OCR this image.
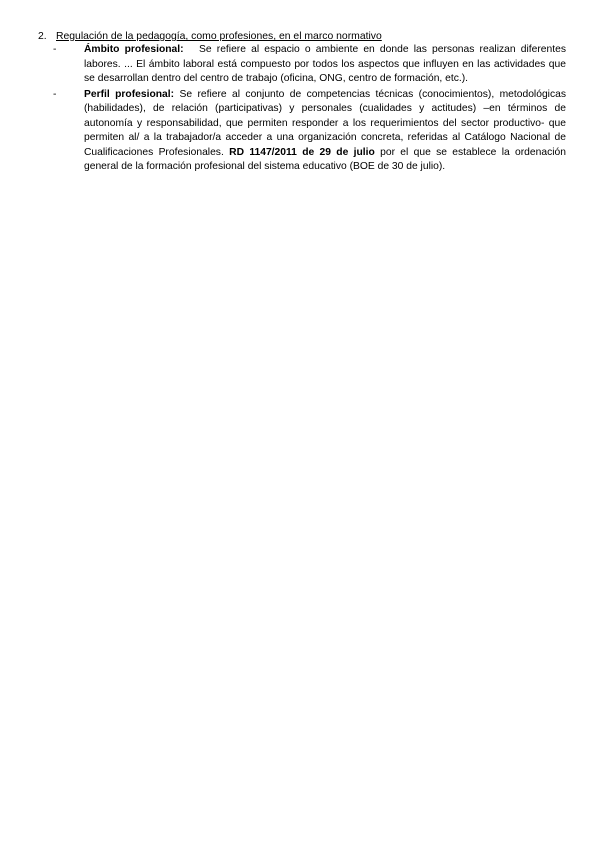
2. Regulación de la pedagogía, como profesiones, en el marco normativo
-	Ámbito profesional: Se refiere al espacio o ambiente en donde las personas realizan diferentes labores. ... El ámbito laboral está compuesto por todos los aspectos que influyen en las actividades que se desarrollan dentro del centro de trabajo (oficina, ONG, centro de formación, etc.).
-	Perfil profesional: Se refiere al conjunto de competencias técnicas (conocimientos), metodológicas (habilidades), de relación (participativas) y personales (cualidades y actitudes) –en términos de autonomía y responsabilidad, que permiten responder a los requerimientos del sector productivo- que permiten al/ a la trabajador/a acceder a una organización concreta, referidas al Catálogo Nacional de Cualificaciones Profesionales. RD 1147/2011 de 29 de julio por el que se establece la ordenación general de la formación profesional del sistema educativo (BOE de 30 de julio).
